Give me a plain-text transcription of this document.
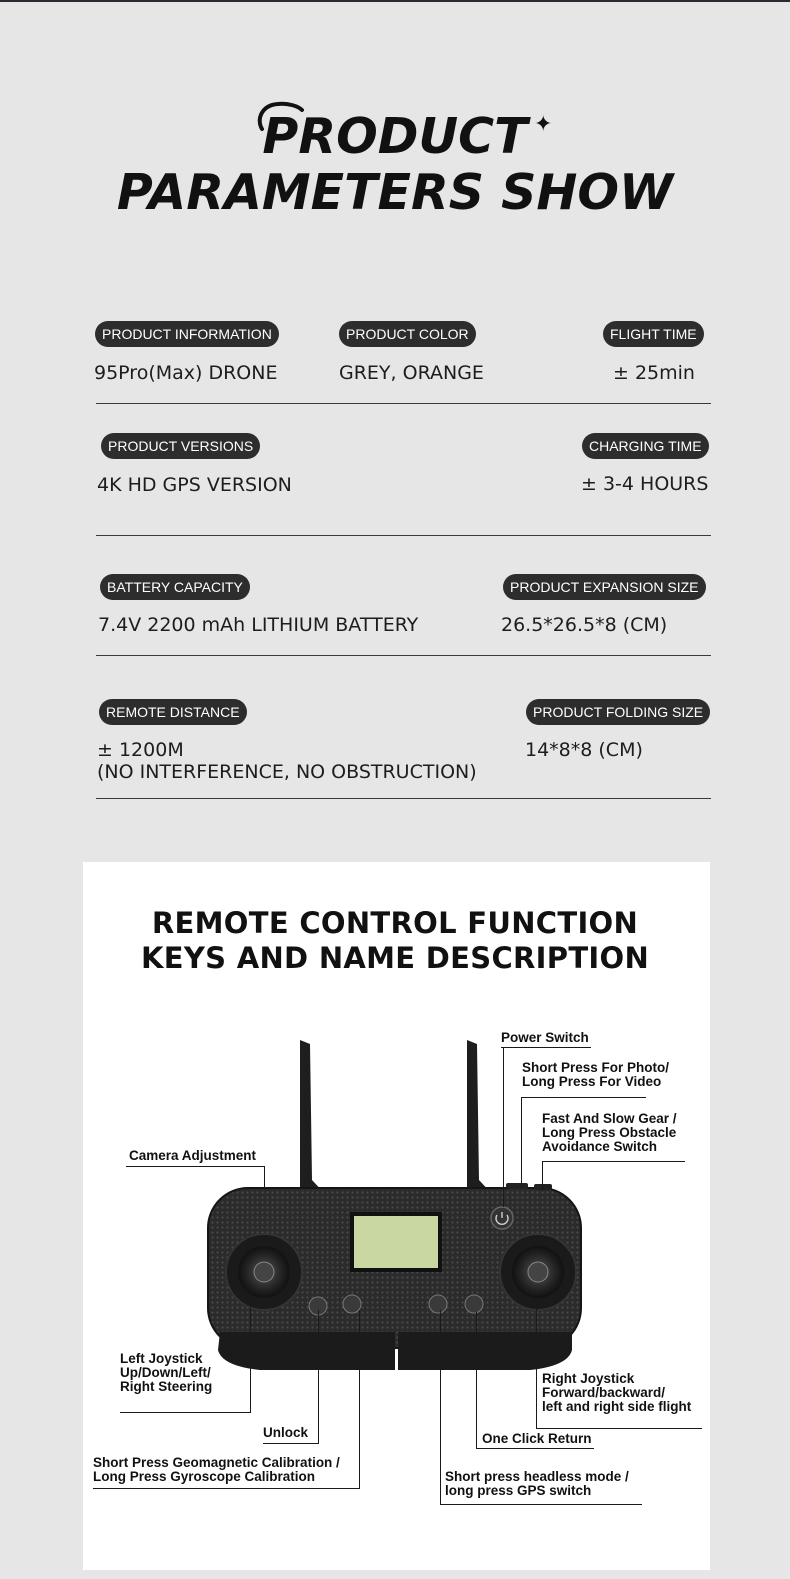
PRODUCT ✦
PARAMETERS SHOW
PRODUCT INFORMATION
95Pro(Max) DRONE
PRODUCT COLOR
GREY, ORANGE
FLIGHT TIME
± 25min
PRODUCT VERSIONS
4K HD GPS VERSION
CHARGING TIME
± 3-4 HOURS
BATTERY CAPACITY
7.4V 2200 mAh LITHIUM BATTERY
PRODUCT EXPANSION SIZE
26.5*26.5*8 (CM)
REMOTE DISTANCE
± 1200M
(NO INTERFERENCE, NO OBSTRUCTION)
PRODUCT FOLDING SIZE
14*8*8 (CM)
REMOTE CONTROL FUNCTION
KEYS AND NAME DESCRIPTION
Power Switch
Short Press For Photo/
Long Press For Video
Fast And Slow Gear /
Long Press Obstacle
Avoidance Switch
Camera Adjustment
Left Joystick
Up/Down/Left/
Right Steering
Right Joystick
Forward/backward/
left and right side flight
Unlock	One Click Return
Short Press Geomagnetic Calibration /
Long Press Gyroscope Calibration	Short press headless mode /
long press GPS switch
